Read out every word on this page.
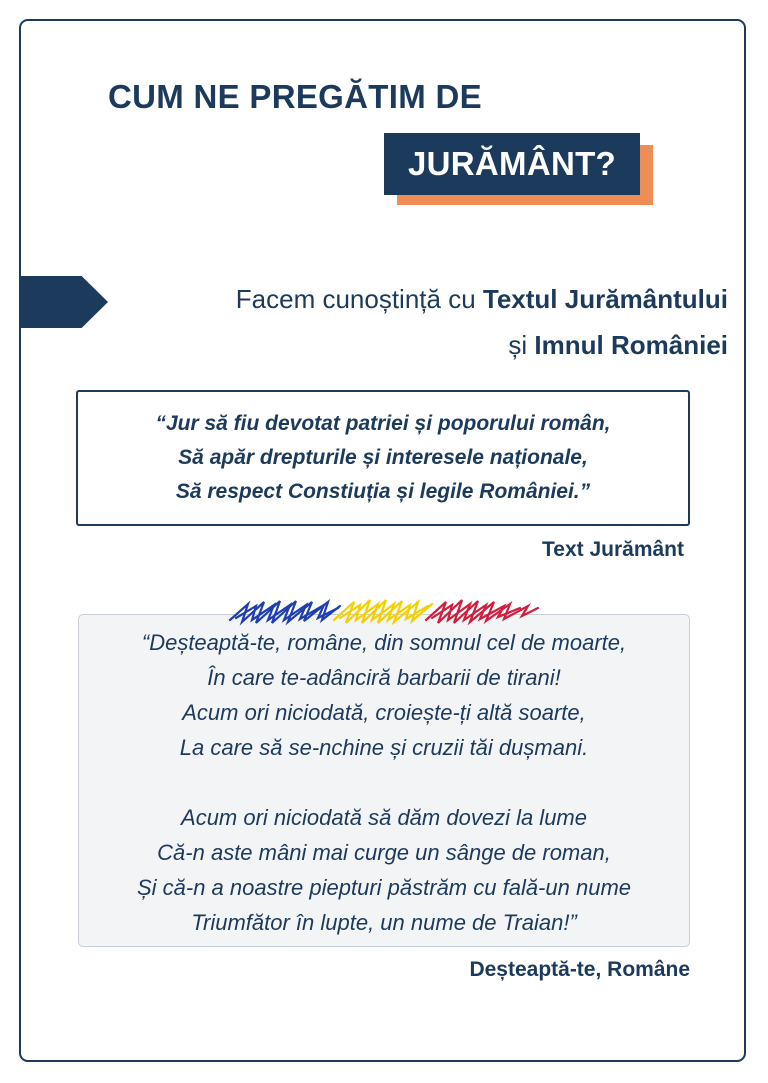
CUM NE PREGĂTIM DE
JURĂMÂNT?
Facem cunoștință cu Textul Jurământului
și Imnul României
“Jur să fiu devotat patriei și poporului român,
Să apăr drepturile și interesele naționale,
Să respect Constiuția și legile României.”
Text Jurământ
“Deșteaptă-te, române, din somnul cel de moarte,
În care te-adânciră barbarii de tirani!
Acum ori niciodată, croiește-ți altă soarte,
La care să se-nchine și cruzii tăi dușmani.
Acum ori niciodată să dăm dovezi la lume
Că-n aste mâni mai curge un sânge de roman,
Și că-n a noastre piepturi păstrăm cu fală-un nume
Triumfător în lupte, un nume de Traian!”
Deșteaptă-te, Române
